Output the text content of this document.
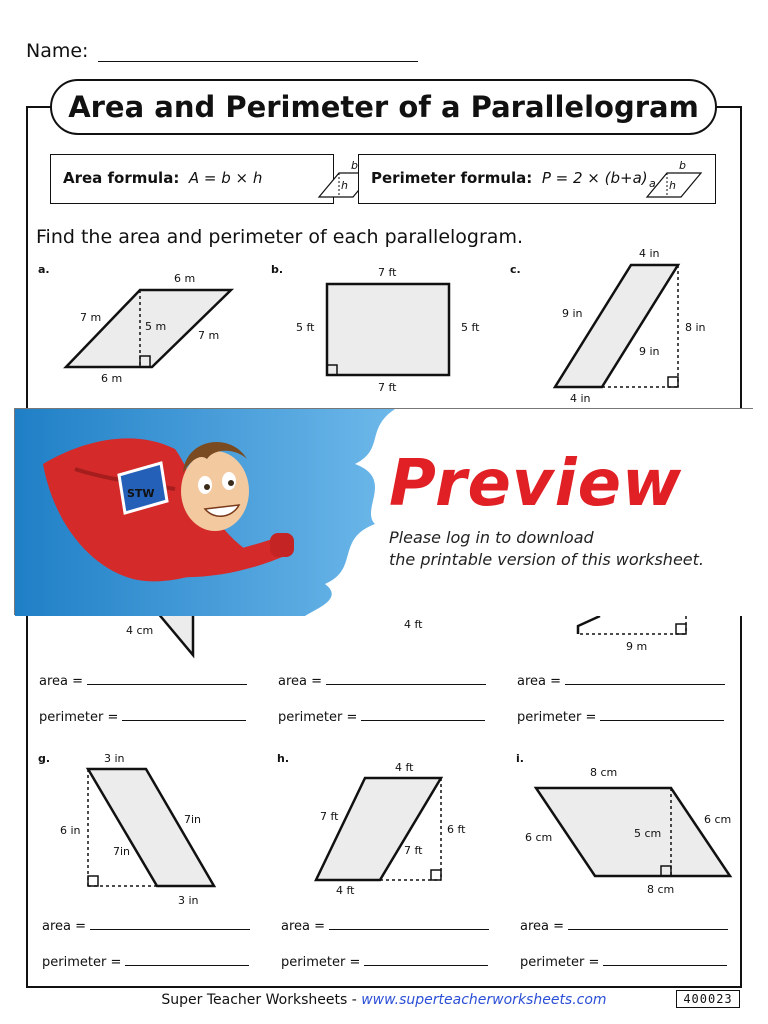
Name:
Area and Perimeter of a Parallelogram
Area formula: A = b × h
b
h Perimeter formula: P = 2 × (b+a)
b
h
a
Find the area and perimeter of each parallelogram.
a.
6 m
6 m
7 m
7 m
5 m
b.	7 ft
7 ft
5 ft	5 ft
c.
4 in
4 in
9 in
9 in
8 in
4 cm	4 ft
9 m
area =	area =	area =
perimeter =	perimeter =	perimeter =
g.	3 in
3 in
6 in
7in
7in
h.
4 ft
4 ft
7 ft
7 ft
6 ft
i.
8 cm
8 cm
6 cm
6 cm
5 cm
area =	area =	area =
perimeter =	perimeter =	perimeter =
STW	Preview
Please log in to download
the printable version of this worksheet.
Super Teacher Worksheets - www.superteacherworksheets.com	400023
